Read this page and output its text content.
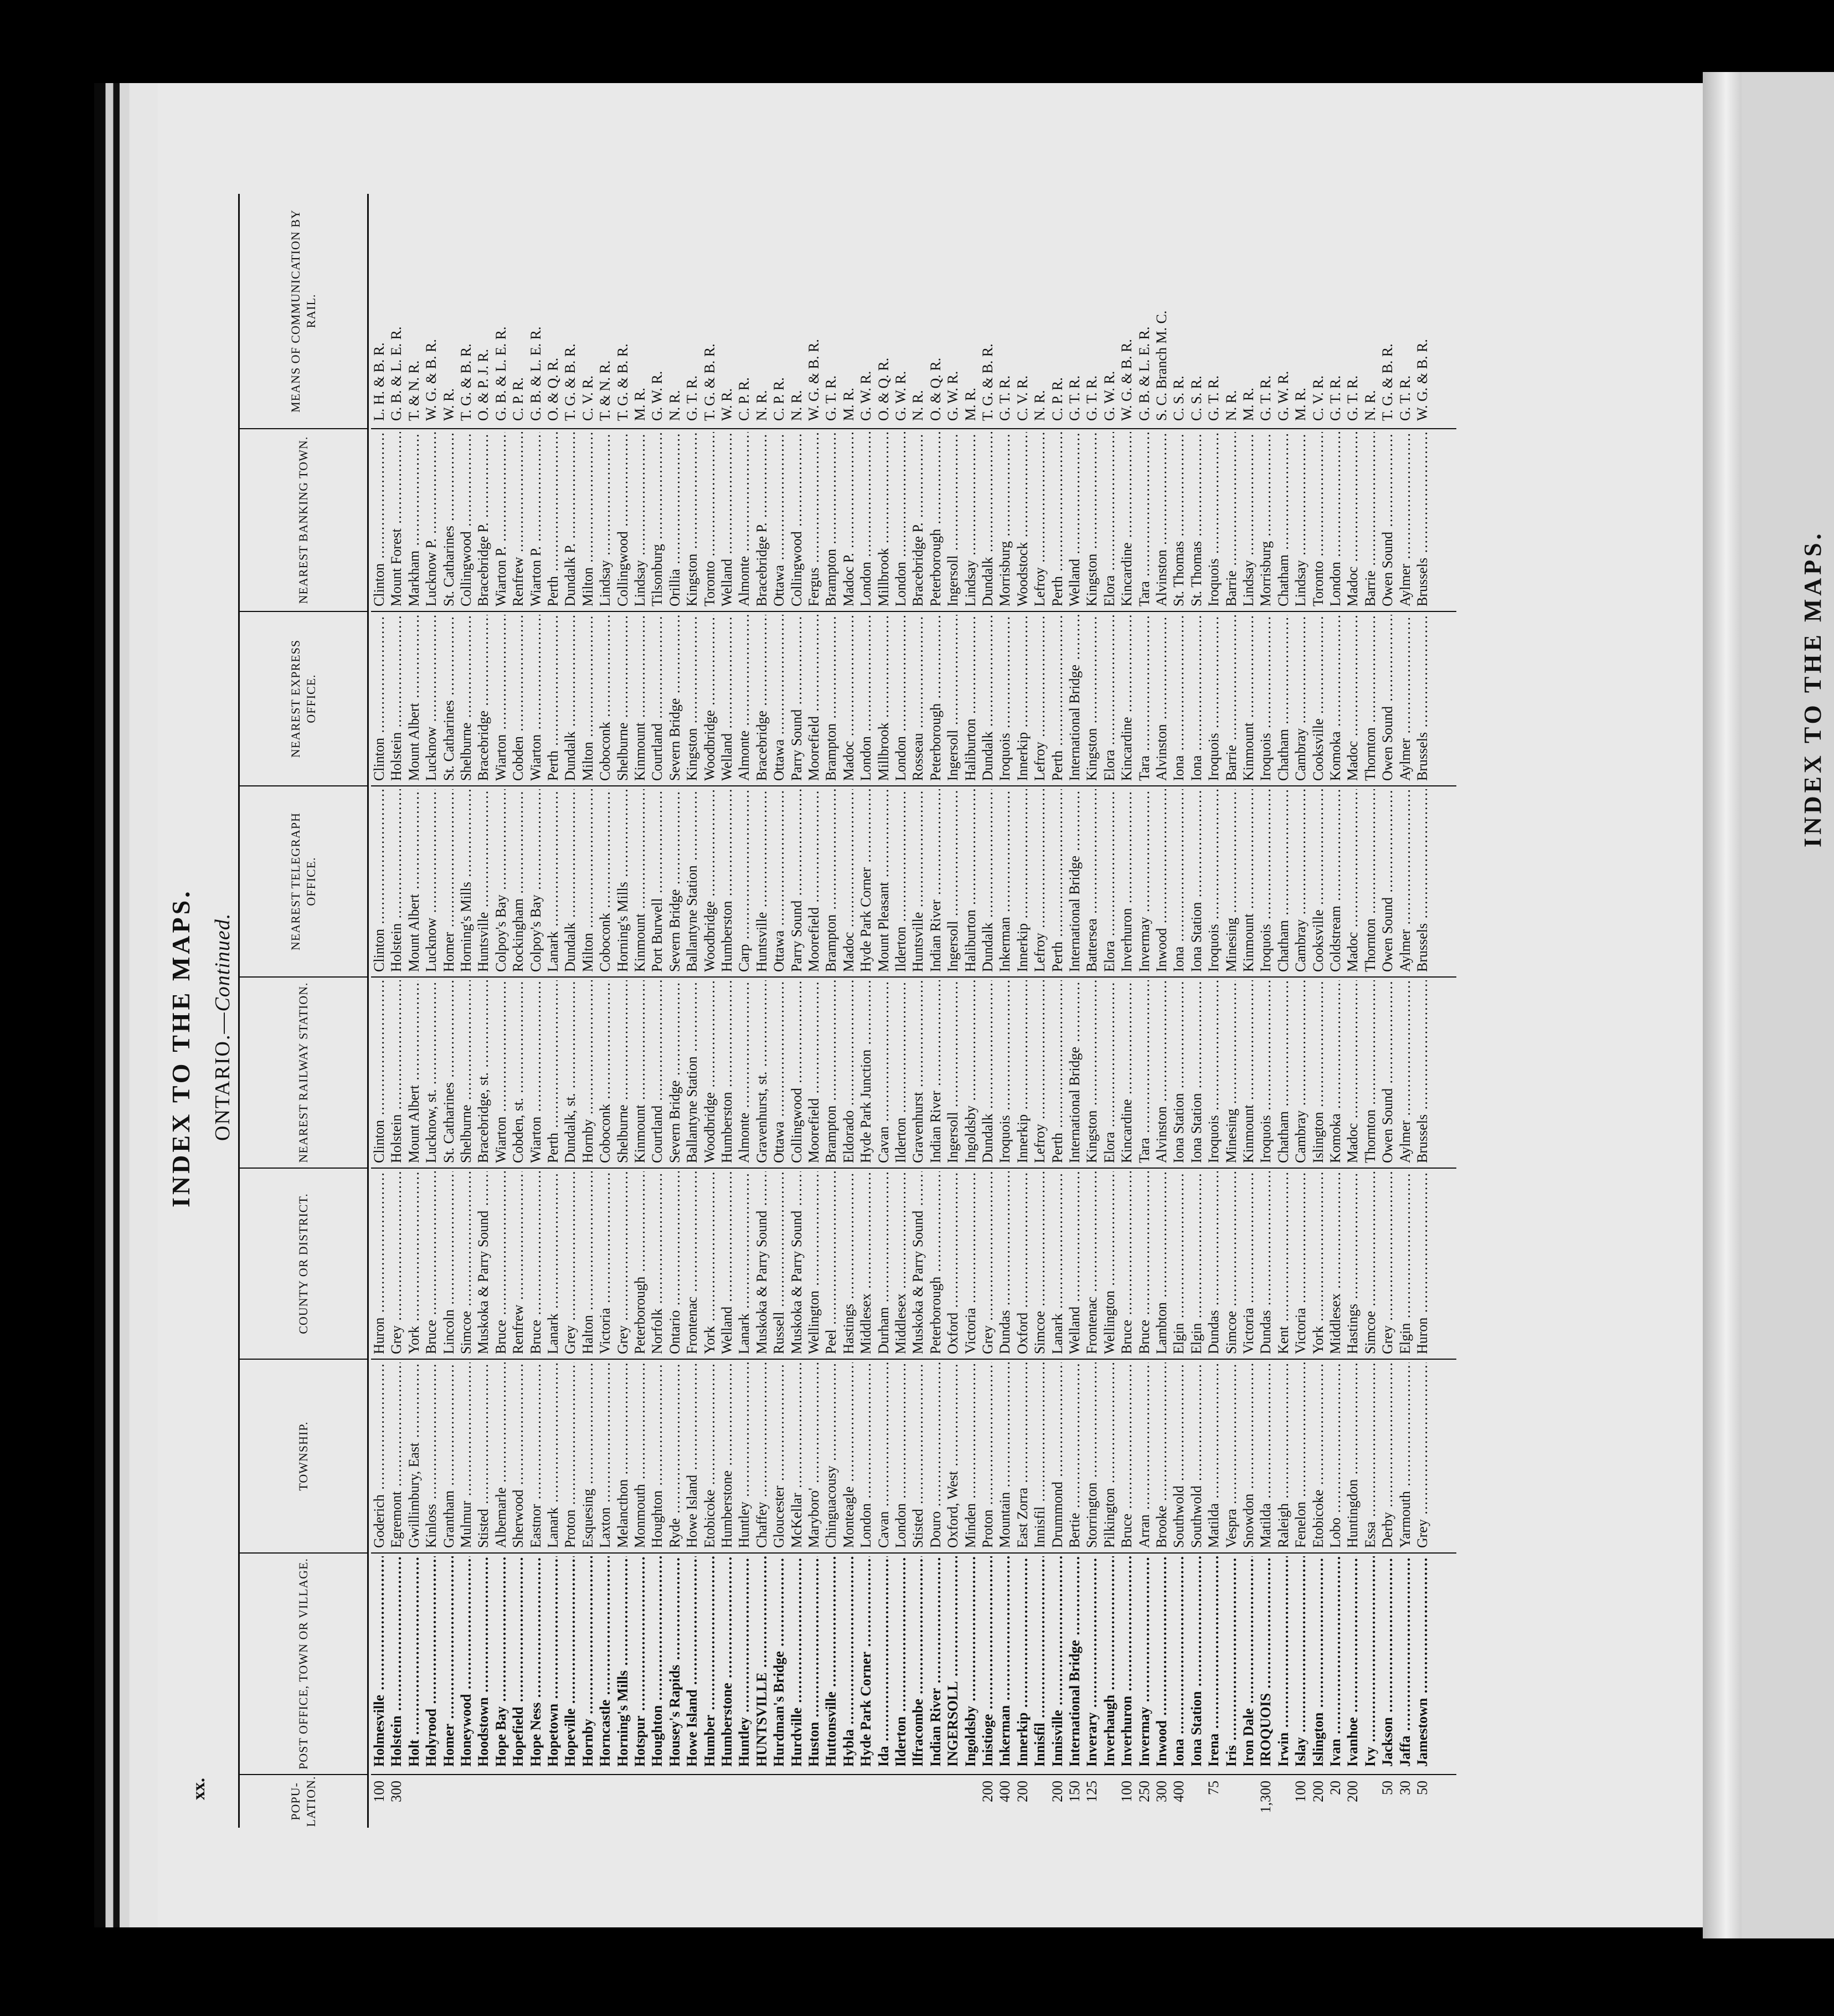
INDEX TO THE MAPS.
xx.
INDEX TO THE MAPS. ONTARIO.—Continued.
POPU- LATION.
POST OFFICE, TOWN OR VILLAGE.
TOWNSHIP.
COUNTY OR DISTRICT.
NEAREST RAILWAY STATION.
NEAREST TELEGRAPH OFFICE.
NEAREST EXPRESS OFFICE.
NEAREST BANKING TOWN.
MEANS OF COMMUNICATION BY RAIL.
100
Holmesville .....
Goderich .....
Huron .....
Clinton .....
Clinton .....
Clinton .....
Clinton .....
L. H. & B. R.
300
Holstein .....
Egremont .....
Grey .....
Holstein .....
Holstein .....
Holstein .....
Mount Forest .....
G. B. & L. E. R.
Holt .....
Gwillimbury, East .....
York .....
Mount Albert .....
Mount Albert .....
Mount Albert .....
Markham .....
T. & N. R.
Holyrood .....
Kinloss .....
Bruce .....
Lucknow, st. .....
Lucknow .....
Lucknow .....
Lucknow P. .....
W. G. & B. R.
Homer .....
Grantham .....
Lincoln .....
St. Catharines .....
Homer .....
St. Catharines .....
St. Catharines .....
W. R.
Honeywood .....
Mulmur .....
Simcoe .....
Shelburne .....
Horning's Mills .....
Shelburne .....
Collingwood .....
T. G. & B. R.
Hoodstown .....
Stisted .....
Muskoka & Parry Sound .....
Bracebridge, st. .....
Huntsville .....
Bracebridge .....
Bracebridge P. .....
O. & P. J. R.
Hope Bay .....
Albemarle .....
Bruce .....
Wiarton .....
Colpoy's Bay .....
Wiarton .....
Wiarton P. .....
G. B. & L. E. R.
Hopefield .....
Sherwood .....
Renfrew .....
Cobden, st. .....
Rockingham .....
Cobden .....
Renfrew .....
C. P. R.
Hope Ness .....
Eastnor .....
Bruce .....
Wiarton .....
Colpoy's Bay .....
Wiarton .....
Wiarton P. .....
G. B. & L. E. R.
Hopetown .....
Lanark .....
Lanark .....
Perth .....
Lanark .....
Perth .....
Perth .....
O. & Q. R.
Hopeville .....
Proton .....
Grey .....
Dundalk, st. .....
Dundalk .....
Dundalk .....
Dundalk P. .....
T. G. & B. R.
Hornby .....
Esquesing .....
Halton .....
Hornby .....
Milton .....
Milton .....
Milton .....
C. V. R.
Horncastle .....
Laxton .....
Victoria .....
Coboconk .....
Coboconk .....
Coboconk .....
Lindsay .....
T. & N. R.
Horning's Mills .....
Melancthon .....
Grey .....
Shelburne .....
Horning's Mills .....
Shelburne .....
Collingwood .....
T. G. & B. R.
Hotspur .....
Monmouth .....
Peterborough .....
Kinmount .....
Kinmount .....
Kinmount .....
Lindsay .....
M. R.
Houghton .....
Houghton .....
Norfolk .....
Courtland .....
Port Burwell .....
Courtland .....
Tilsonburg .....
G. W. R.
Housey's Rapids .....
Ryde .....
Ontario .....
Severn Bridge .....
Severn Bridge .....
Severn Bridge .....
Orillia .....
N. R.
Howe Island .....
Howe Island .....
Frontenac .....
Ballantyne Station .....
Ballantyne Station .....
Kingston .....
Kingston .....
G. T. R.
Humber .....
Etobicoke .....
York .....
Woodbridge .....
Woodbridge .....
Woodbridge .....
Toronto .....
T. G. & B. R.
Humberstone .....
Humberstone .....
Welland .....
Humberston .....
Humberston .....
Welland .....
Welland .....
W. R.
Huntley .....
Huntley .....
Lanark .....
Almonte .....
Carp .....
Almonte .....
Almonte .....
C. P. R.
HUNTSVILLE .....
Chaffey .....
Muskoka & Parry Sound .....
Gravenhurst, st. .....
Huntsville .....
Bracebridge .....
Bracebridge P. .....
N. R.
Hurdman's Bridge .....
Gloucester .....
Russell .....
Ottawa .....
Ottawa .....
Ottawa .....
Ottawa .....
C. P. R.
Hurdville .....
McKellar .....
Muskoka & Parry Sound .....
Collingwood .....
Parry Sound .....
Parry Sound .....
Collingwood .....
N. R.
Huston .....
Maryboro' .....
Wellington .....
Moorefield .....
Moorefield .....
Moorefield .....
Fergus .....
W. G. & B. R.
Huttonsville .....
Chinguacousy .....
Peel .....
Brampton .....
Brampton .....
Brampton .....
Brampton .....
G. T. R.
Hybla .....
Monteagle .....
Hastings .....
Eldorado .....
Madoc .....
Madoc .....
Madoc P. .....
M. R.
Hyde Park Corner .....
London .....
Middlesex .....
Hyde Park Junction .....
Hyde Park Corner .....
London .....
London .....
G. W. R.
Ida .....
Cavan .....
Durham .....
Cavan .....
Mount Pleasant .....
Millbrook .....
Millbrook .....
O. & Q. R.
Ilderton .....
London .....
Middlesex .....
Ilderton .....
Ilderton .....
London .....
London .....
G. W. R.
Ilfracombe .....
Stisted .....
Muskoka & Parry Sound .....
Gravenhurst .....
Huntsville .....
Rosseau .....
Bracebridge P. .....
N. R.
Indian River .....
Douro .....
Peterborough .....
Indian River .....
Indian River .....
Peterborough .....
Peterborough .....
O. & Q. R.
INGERSOLL .....
Oxford, West .....
Oxford .....
Ingersoll .....
Ingersoll .....
Ingersoll .....
Ingersoll .....
G. W. R.
Ingoldsby .....
Minden .....
Victoria .....
Ingoldsby .....
Haliburton .....
Haliburton .....
Lindsay .....
M. R.
200
Inistioge .....
Proton .....
Grey .....
Dundalk .....
Dundalk .....
Dundalk .....
Dundalk .....
T. G. & B. R.
400
Inkerman .....
Mountain .....
Dundas .....
Iroquois .....
Inkerman .....
Iroquois .....
Morrisburg .....
G. T. R.
200
Innerkip .....
East Zorra .....
Oxford .....
Innerkip .....
Innerkip .....
Innerkip .....
Woodstock .....
C. V. R.
Innisfil .....
Innisfil .....
Simcoe .....
Lefroy .....
Lefroy .....
Lefroy .....
Lefroy .....
N. R.
200
Innisville .....
Drummond .....
Lanark .....
Perth .....
Perth .....
Perth .....
Perth .....
C. P. R.
150
International Bridge .....
Bertie .....
Welland .....
International Bridge .....
International Bridge .....
International Bridge .....
Welland .....
G. T. R.
125
Inverary .....
Storrington .....
Frontenac .....
Kingston .....
Battersea .....
Kingston .....
Kingston .....
G. T. R.
Inverhaugh .....
Pilkington .....
Wellington .....
Elora .....
Elora .....
Elora .....
Elora .....
G. W. R.
100
Inverhuron .....
Bruce .....
Bruce .....
Kincardine .....
Inverhuron .....
Kincardine .....
Kincardine .....
W. G. & B. R.
250
Invermay .....
Arran .....
Bruce .....
Tara .....
Invermay .....
Tara .....
Tara .....
G. B. & L. E. R.
300
Inwood .....
Brooke .....
Lambton .....
Alvinston .....
Inwood .....
Alvinston .....
Alvinston .....
S. C. Branch M. C.
400
Iona .....
Southwold .....
Elgin .....
Iona Station .....
Iona .....
Iona .....
St. Thomas .....
C. S. R.
Iona Station .....
Southwold .....
Elgin .....
Iona Station .....
Iona Station .....
Iona .....
St. Thomas .....
C. S. R.
75
Irena .....
Matilda .....
Dundas .....
Iroquois .....
Iroquois .....
Iroquois .....
Iroquois .....
G. T. R.
Iris .....
Vespra .....
Simcoe .....
Minesing .....
Minesing .....
Barrie .....
Barrie .....
N. R.
Iron Dale .....
Snowdon .....
Victoria .....
Kinmount .....
Kinmount .....
Kinmount .....
Lindsay .....
M. R.
1,300
IROQUOIS .....
Matilda .....
Dundas .....
Iroquois .....
Iroquois .....
Iroquois .....
Morrisburg .....
G. T. R.
Irwin .....
Raleigh .....
Kent .....
Chatham .....
Chatham .....
Chatham .....
Chatham .....
G. W. R.
100
Islay .....
Fenelon .....
Victoria .....
Cambray .....
Cambray .....
Cambray .....
Lindsay .....
M. R.
200
Islington .....
Etobicoke .....
York .....
Islington .....
Cooksville .....
Cooksville .....
Toronto .....
C. V. R.
20
Ivan .....
Lobo .....
Middlesex .....
Komoka .....
Coldstream .....
Komoka .....
London .....
G. T. R.
200
Ivanhoe .....
Huntingdon .....
Hastings .....
Madoc .....
Madoc .....
Madoc .....
Madoc .....
G. T. R.
Ivy .....
Essa .....
Simcoe .....
Thornton .....
Thornton .....
Thornton .....
Barrie .....
N. R.
50
Jackson .....
Derby .....
Grey .....
Owen Sound .....
Owen Sound .....
Owen Sound .....
Owen Sound .....
T. G. & B. R.
30
Jaffa .....
Yarmouth .....
Elgin .....
Aylmer .....
Aylmer .....
Aylmer .....
Aylmer .....
G. T. R.
50
Jamestown .....
Grey .....
Huron .....
Brussels .....
Brussels .....
Brussels .....
Brussels .....
W. G. & B. R.
